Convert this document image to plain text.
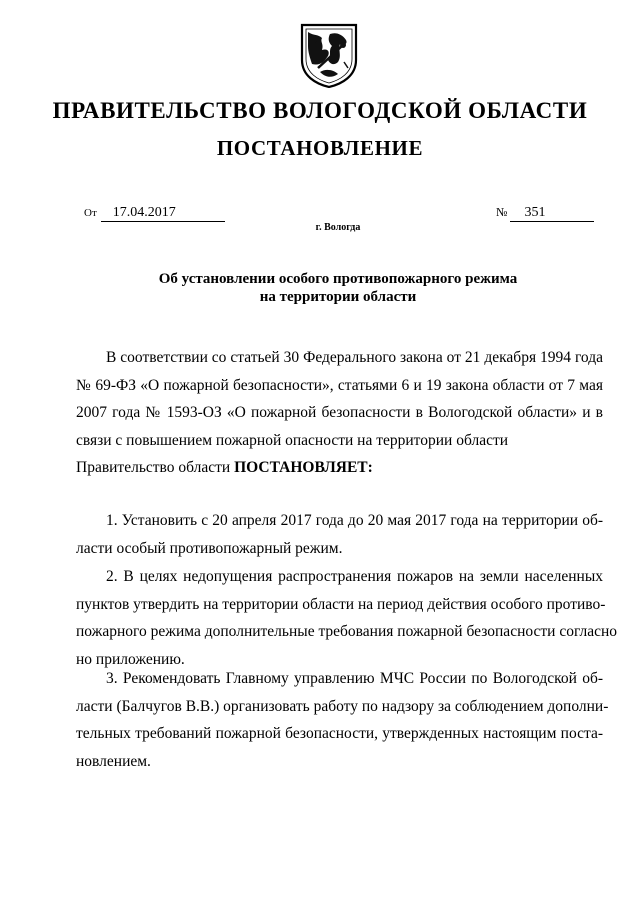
ПРАВИТЕЛЬСТВО ВОЛОГОДСКОЙ ОБЛАСТИ
ПОСТАНОВЛЕНИЕ
От 17.04.2017	№ 351
г. Вологда
Об установлении особого противопожарного режима
на территории области
В соответствии со статьей 30 Федерального закона от 21 декабря 1994 года
№ 69-ФЗ «О пожарной безопасности», статьями 6 и 19 закона области от 7 мая
2007 года № 1593-ОЗ «О пожарной безопасности в Вологодской области» и в
связи с повышением пожарной опасности на территории области
Правительство области ПОСТАНОВЛЯЕТ:
1. Установить с 20 апреля 2017 года до 20 мая 2017 года на территории об-
ласти особый противопожарный режим.
2. В целях недопущения распространения пожаров на земли населенных
пунктов утвердить на территории области на период действия особого противо-
пожарного режима дополнительные требования пожарной безопасности согласно
но приложению.
3. Рекомендовать Главному управлению МЧС России по Вологодской об-
ласти (Балчугов В.В.) организовать работу по надзору за соблюдением дополни-
тельных требований пожарной безопасности, утвержденных настоящим поста-
новлением.
